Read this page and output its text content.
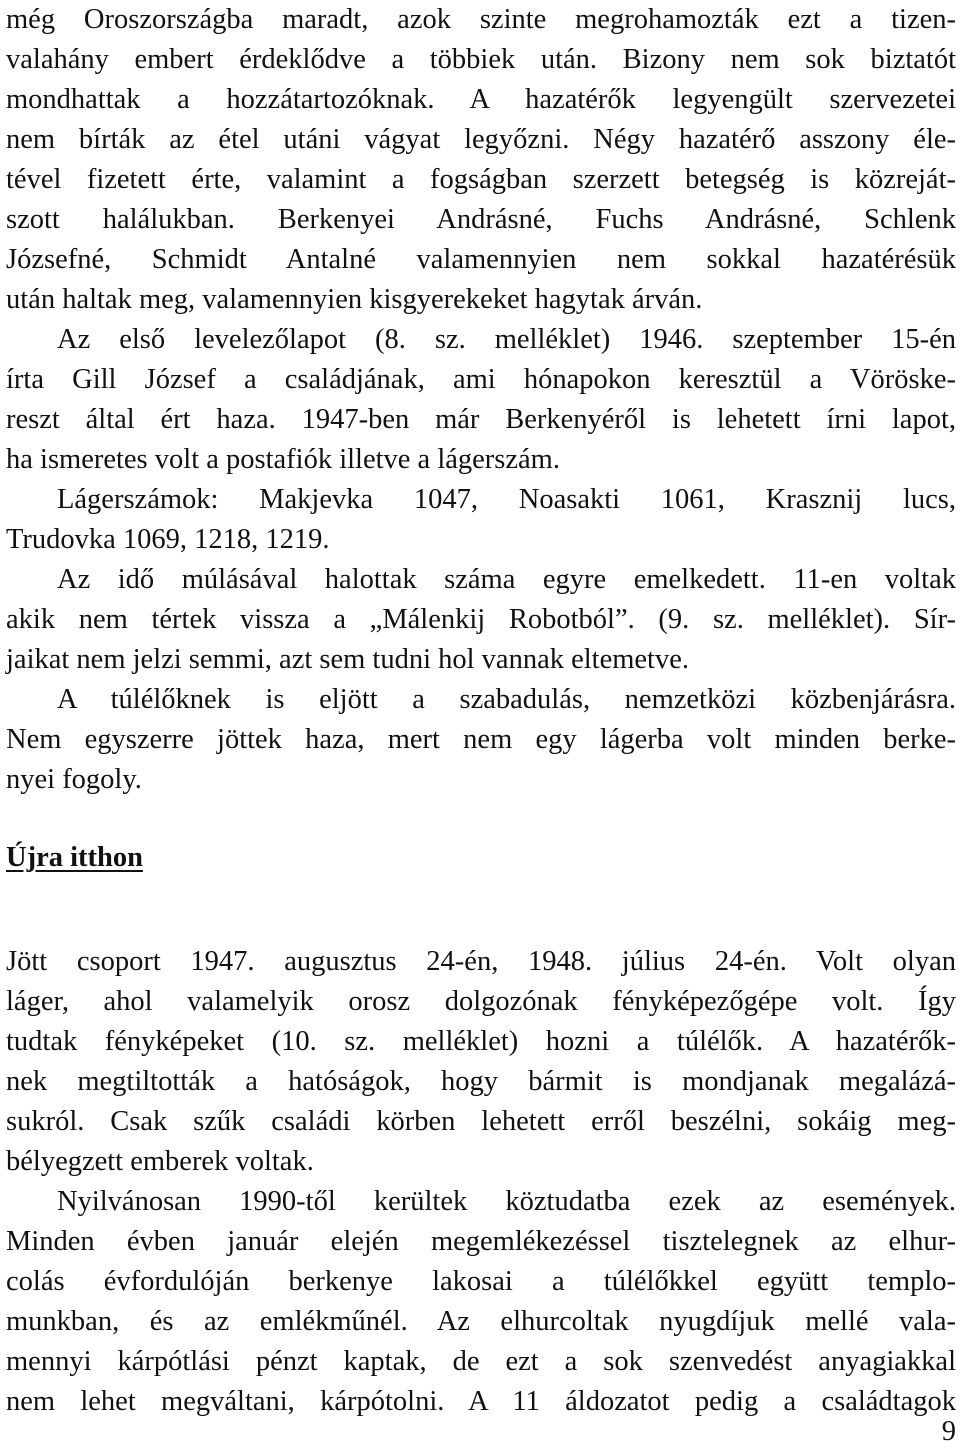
még Oroszországba maradt, azok szinte megrohamozták ezt a tizen-
valahány embert érdeklődve a többiek után. Bizony nem sok biztatót
mondhattak a hozzátartozóknak. A hazatérők legyengült szervezetei
nem bírták az étel utáni vágyat legyőzni. Négy hazatérő asszony éle-
tével fizetett érte, valamint a fogságban szerzett betegség is közreját-
szott halálukban. Berkenyei Andrásné, Fuchs Andrásné, Schlenk
Józsefné, Schmidt Antalné valamennyien nem sokkal hazatérésük
után haltak meg, valamennyien kisgyerekeket hagytak árván.
Az első levelezőlapot (8. sz. melléklet) 1946. szeptember 15-én
írta Gill József a családjának, ami hónapokon keresztül a Vöröske-
reszt által ért haza. 1947-ben már Berkenyéről is lehetett írni lapot,
ha ismeretes volt a postafiók illetve a lágerszám.
Lágerszámok: Makjevka 1047, Noasakti 1061, Krasznij lucs,
Trudovka 1069, 1218, 1219.
Az idő múlásával halottak száma egyre emelkedett. 11-en voltak
akik nem tértek vissza a „Málenkij Robotból”. (9. sz. melléklet). Sír-
jaikat nem jelzi semmi, azt sem tudni hol vannak eltemetve.
A túlélőknek is eljött a szabadulás, nemzetközi közbenjárásra.
Nem egyszerre jöttek haza, mert nem egy lágerba volt minden berke-
nyei fogoly.
Újra itthon
Jött csoport 1947. augusztus 24-én, 1948. július 24-én. Volt olyan
láger, ahol valamelyik orosz dolgozónak fényképezőgépe volt. Így
tudtak fényképeket (10. sz. melléklet) hozni a túlélők. A hazatérők-
nek megtiltották a hatóságok, hogy bármit is mondjanak megalázá-
sukról. Csak szűk családi körben lehetett erről beszélni, sokáig meg-
bélyegzett emberek voltak.
Nyilvánosan 1990-től kerültek köztudatba ezek az események.
Minden évben január elején megemlékezéssel tisztelegnek az elhur-
colás évfordulóján berkenye lakosai a túlélőkkel együtt templo-
munkban, és az emlékműnél. Az elhurcoltak nyugdíjuk mellé vala-
mennyi kárpótlási pénzt kaptak, de ezt a sok szenvedést anyagiakkal
nem lehet megváltani, kárpótolni. A 11 áldozatot pedig a családtagok
9
